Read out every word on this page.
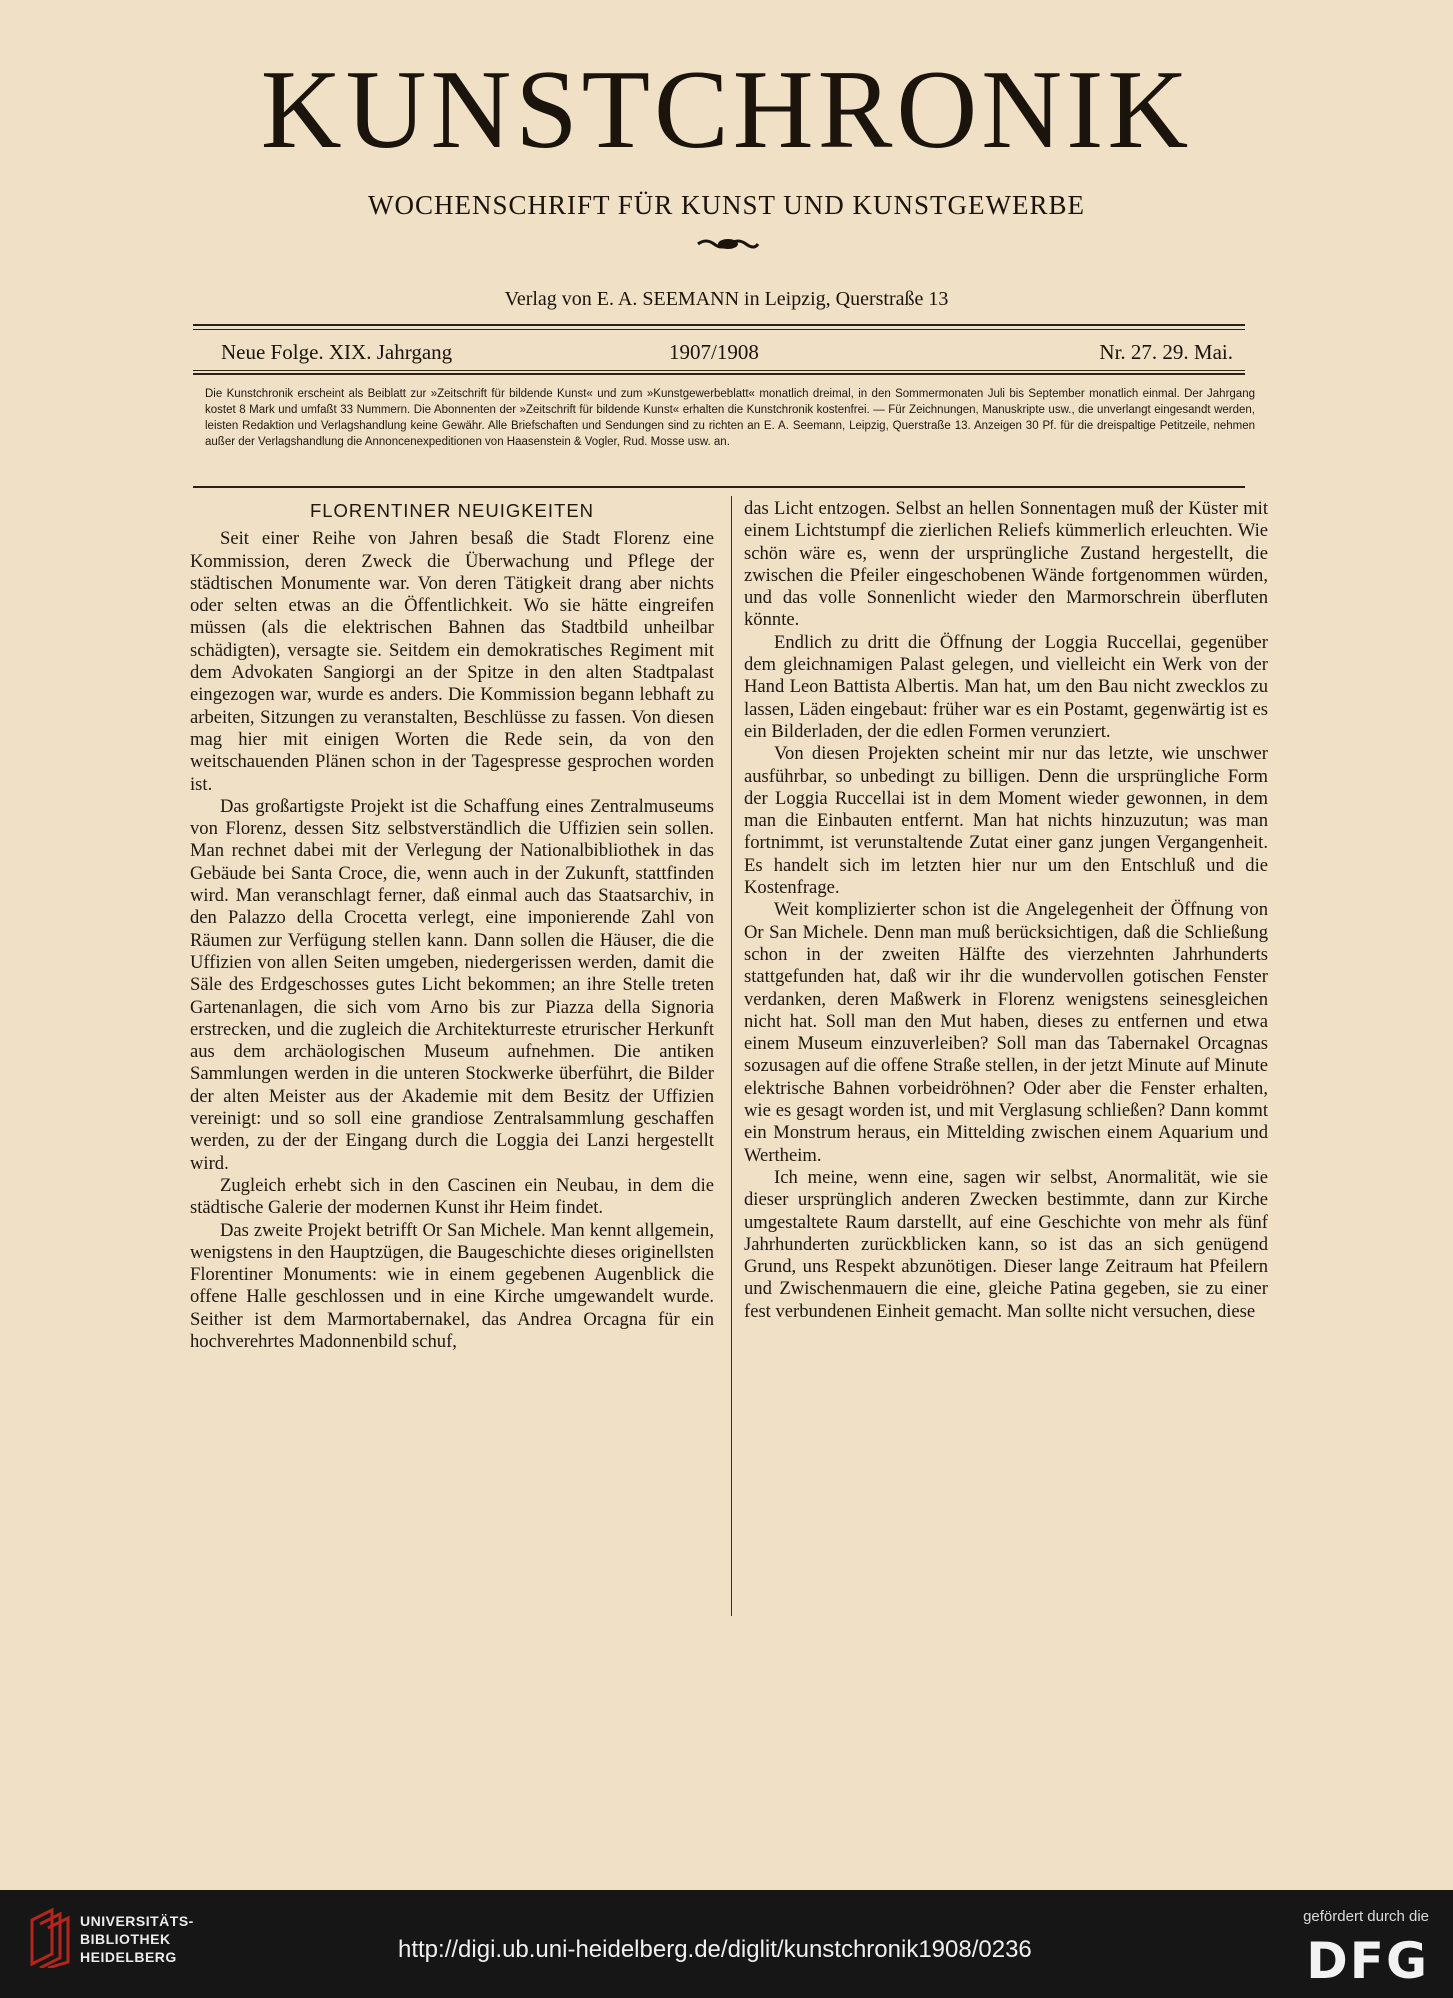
KUNSTCHRONIK
WOCHENSCHRIFT FÜR KUNST UND KUNSTGEWERBE
Verlag von E. A. SEEMANN in Leipzig, Querstraße 13
Neue Folge. XIX. Jahrgang	1907/1908	Nr. 27. 29. Mai.
Die Kunstchronik erscheint als Beiblatt zur »Zeitschrift für bildende Kunst« und zum »Kunstgewerbeblatt« monatlich dreimal, in den Sommermonaten Juli bis September monatlich einmal. Der Jahrgang kostet 8 Mark und umfaßt 33 Nummern. Die Abonnenten der »Zeitschrift für bildende Kunst« erhalten die Kunstchronik kostenfrei. — Für Zeichnungen, Manuskripte usw., die unverlangt eingesandt werden, leisten Redaktion und Verlagshandlung keine Gewähr. Alle Briefschaften und Sendungen sind zu richten an E. A. Seemann, Leipzig, Querstraße 13. Anzeigen 30 Pf. für die dreispaltige Petitzeile, nehmen außer der Verlagshandlung die Annoncenexpeditionen von Haasenstein & Vogler, Rud. Mosse usw. an.
FLORENTINER NEUIGKEITEN

Seit einer Reihe von Jahren besaß die Stadt Florenz eine Kommission, deren Zweck die Überwachung und Pflege der städtischen Monumente war. Von deren Tätigkeit drang aber nichts oder selten etwas an die Öffentlichkeit. Wo sie hätte eingreifen müssen (als die elektrischen Bahnen das Stadtbild unheilbar schädigten), versagte sie. Seitdem ein demokratisches Regiment mit dem Advokaten Sangiorgi an der Spitze in den alten Stadtpalast eingezogen war, wurde es anders. Die Kommission begann lebhaft zu arbeiten, Sitzungen zu veranstalten, Beschlüsse zu fassen. Von diesen mag hier mit einigen Worten die Rede sein, da von den weitschauenden Plänen schon in der Tagespresse gesprochen worden ist.

Das großartigste Projekt ist die Schaffung eines Zentralmuseums von Florenz, dessen Sitz selbstverständlich die Uffizien sein sollen. Man rechnet dabei mit der Verlegung der Nationalbibliothek in das Gebäude bei Santa Croce, die, wenn auch in der Zukunft, stattfinden wird. Man veranschlagt ferner, daß einmal auch das Staatsarchiv, in den Palazzo della Crocetta verlegt, eine imponierende Zahl von Räumen zur Verfügung stellen kann. Dann sollen die Häuser, die die Uffizien von allen Seiten umgeben, niedergerissen werden, damit die Säle des Erdgeschosses gutes Licht bekommen; an ihre Stelle treten Gartenanlagen, die sich vom Arno bis zur Piazza della Signoria erstrecken, und die zugleich die Architekturreste etrurischer Herkunft aus dem archäologischen Museum aufnehmen. Die antiken Sammlungen werden in die unteren Stockwerke überführt, die Bilder der alten Meister aus der Akademie mit dem Besitz der Uffizien vereinigt: und so soll eine grandiose Zentralsammlung geschaffen werden, zu der der Eingang durch die Loggia dei Lanzi hergestellt wird.

Zugleich erhebt sich in den Cascinen ein Neubau, in dem die städtische Galerie der modernen Kunst ihr Heim findet.

Das zweite Projekt betrifft Or San Michele. Man kennt allgemein, wenigstens in den Hauptzügen, die Baugeschichte dieses originellsten Florentiner Monuments: wie in einem gegebenen Augenblick die offene Halle geschlossen und in eine Kirche umgewandelt wurde. Seither ist dem Marmortabernakel, das Andrea Orcagna für ein hochverehrtes Madonnenbild schuf,

das Licht entzogen. Selbst an hellen Sonnentagen muß der Küster mit einem Lichtstumpf die zierlichen Reliefs kümmerlich erleuchten. Wie schön wäre es, wenn der ursprüngliche Zustand hergestellt, die zwischen die Pfeiler eingeschobenen Wände fortgenommen würden, und das volle Sonnenlicht wieder den Marmorschrein überfluten könnte.

Endlich zu dritt die Öffnung der Loggia Ruccellai, gegenüber dem gleichnamigen Palast gelegen, und vielleicht ein Werk von der Hand Leon Battista Albertis. Man hat, um den Bau nicht zwecklos zu lassen, Läden eingebaut: früher war es ein Postamt, gegenwärtig ist es ein Bilderladen, der die edlen Formen verunziert.

Von diesen Projekten scheint mir nur das letzte, wie unschwer ausführbar, so unbedingt zu billigen. Denn die ursprüngliche Form der Loggia Ruccellai ist in dem Moment wieder gewonnen, in dem man die Einbauten entfernt. Man hat nichts hinzuzutun; was man fortnimmt, ist verunstaltende Zutat einer ganz jungen Vergangenheit. Es handelt sich im letzten hier nur um den Entschluß und die Kostenfrage.

Weit komplizierter schon ist die Angelegenheit der Öffnung von Or San Michele. Denn man muß berücksichtigen, daß die Schließung schon in der zweiten Hälfte des vierzehnten Jahrhunderts stattgefunden hat, daß wir ihr die wundervollen gotischen Fenster verdanken, deren Maßwerk in Florenz wenigstens seinesgleichen nicht hat. Soll man den Mut haben, dieses zu entfernen und etwa einem Museum einzuverleiben? Soll man das Tabernakel Orcagnas sozusagen auf die offene Straße stellen, in der jetzt Minute auf Minute elektrische Bahnen vorbeidröhnen? Oder aber die Fenster erhalten, wie es gesagt worden ist, und mit Verglasung schließen? Dann kommt ein Monstrum heraus, ein Mittelding zwischen einem Aquarium und Wertheim.

Ich meine, wenn eine, sagen wir selbst, Anormalität, wie sie dieser ursprünglich anderen Zwecken bestimmte, dann zur Kirche umgestaltete Raum darstellt, auf eine Geschichte von mehr als fünf Jahrhunderten zurückblicken kann, so ist das an sich genügend Grund, uns Respekt abzunötigen. Dieser lange Zeitraum hat Pfeilern und Zwischenmauern die eine, gleiche Patina gegeben, sie zu einer fest verbundenen Einheit gemacht. Man sollte nicht versuchen, diese

UNIVERSITÄTS-
BIBLIOTHEK
HEIDELBERG	http://digi.ub.uni-heidelberg.de/diglit/kunstchronik1908/0236
gefördert durch die
DFG
